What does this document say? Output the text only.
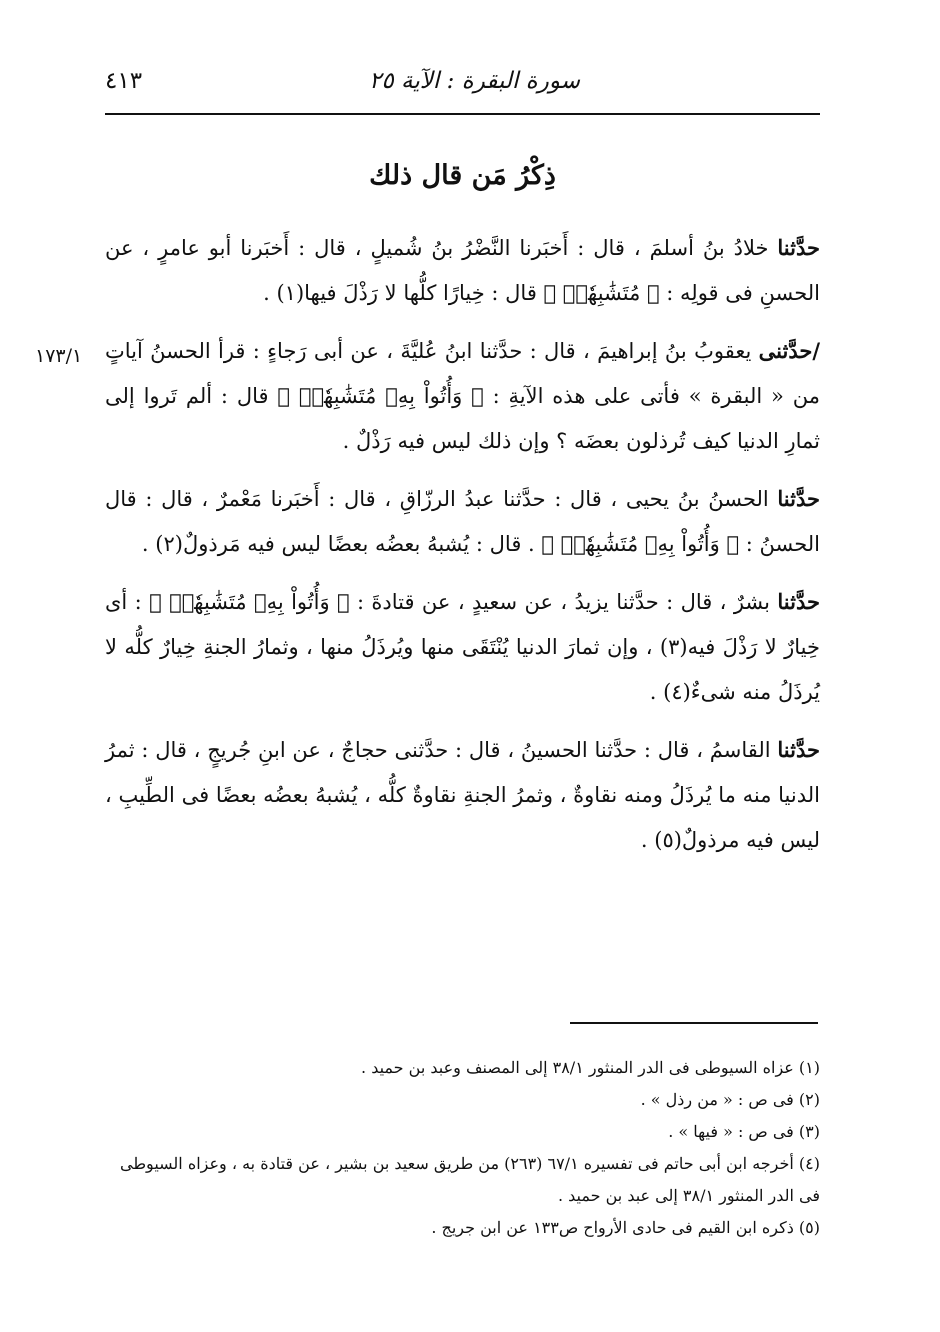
سورة البقرة : الآية ٢٥
٤١٣
ذِكْرُ مَن قال ذلك
١٧٣/١

حدَّثنا خلادُ بنُ أسلمَ ، قال : أَخبَرنا النَّضْرُ بنُ شُميلٍ ، قال : أَخبَرنا أبو عامرٍ ، عن الحسنِ فى قولِه : ﴿ مُتَشَٰبِهٗاۖ ﴾ قال : خِيارًا كلُّها لا رَذْلَ فيها(١) .

/حدَّثنى يعقوبُ بنُ إبراهيمَ ، قال : حدَّثنا ابنُ عُليَّةَ ، عن أبى رَجاءٍ : قرأ الحسنُ آياتٍ من « البقرة » فأتى على هذه الآيةِ : ﴿ وَأُتُواْ بِهِۦ مُتَشَٰبِهٗاۖ ﴾ قال : ألم تَروا إلى ثمارِ الدنيا كيف تُرذلون بعضَه ؟ وإن ذلك ليس فيه رَذْلٌ .

حدَّثنا الحسنُ بنُ يحيى ، قال : حدَّثنا عبدُ الرزّاقِ ، قال : أَخبَرنا مَعْمرٌ ، قال : قال الحسنُ : ﴿ وَأُتُواْ بِهِۦ مُتَشَٰبِهٗاۖ ﴾ . قال : يُشبهُ بعضُه بعضًا ليس فيه مَرذولٌ(٢) .

حدَّثنا بشرٌ ، قال : حدَّثنا يزيدُ ، عن سعيدٍ ، عن قتادةَ : ﴿ وَأُتُواْ بِهِۦ مُتَشَٰبِهٗاۖ ﴾ : أى خِيارٌ لا رَذْلَ فيه(٣) ، وإن ثمارَ الدنيا يُنْتَقَى منها ويُرذَلُ منها ، وثمارُ الجنةِ خِيارٌ كلُّه لا يُرذَلُ منه شىءٌ(٤) .

حدَّثنا القاسمُ ، قال : حدَّثنا الحسينُ ، قال : حدَّثنى حجاجٌ ، عن ابنِ جُريجٍ ، قال : ثمرُ الدنيا منه ما يُرذَلُ ومنه نقاوةٌ ، وثمرُ الجنةِ نقاوةٌ كلُّه ، يُشبهُ بعضُه بعضًا فى الطِّيبِ ، ليس فيه مرذولٌ(٥) .

(١) عزاه السيوطى فى الدر المنثور ٣٨/١ إلى المصنف وعبد بن حميد .

(٢) فى ص : « من رذل » .

(٣) فى ص : « فيها » .

(٤) أخرجه ابن أبى حاتم فى تفسيره ٦٧/١ (٢٦٣) من طريق سعيد بن بشير ، عن قتادة به ، وعزاه السيوطى فى الدر المنثور ٣٨/١ إلى عبد بن حميد .

(٥) ذكره ابن القيم فى حادى الأرواح ص١٣٣ عن ابن جريج .
